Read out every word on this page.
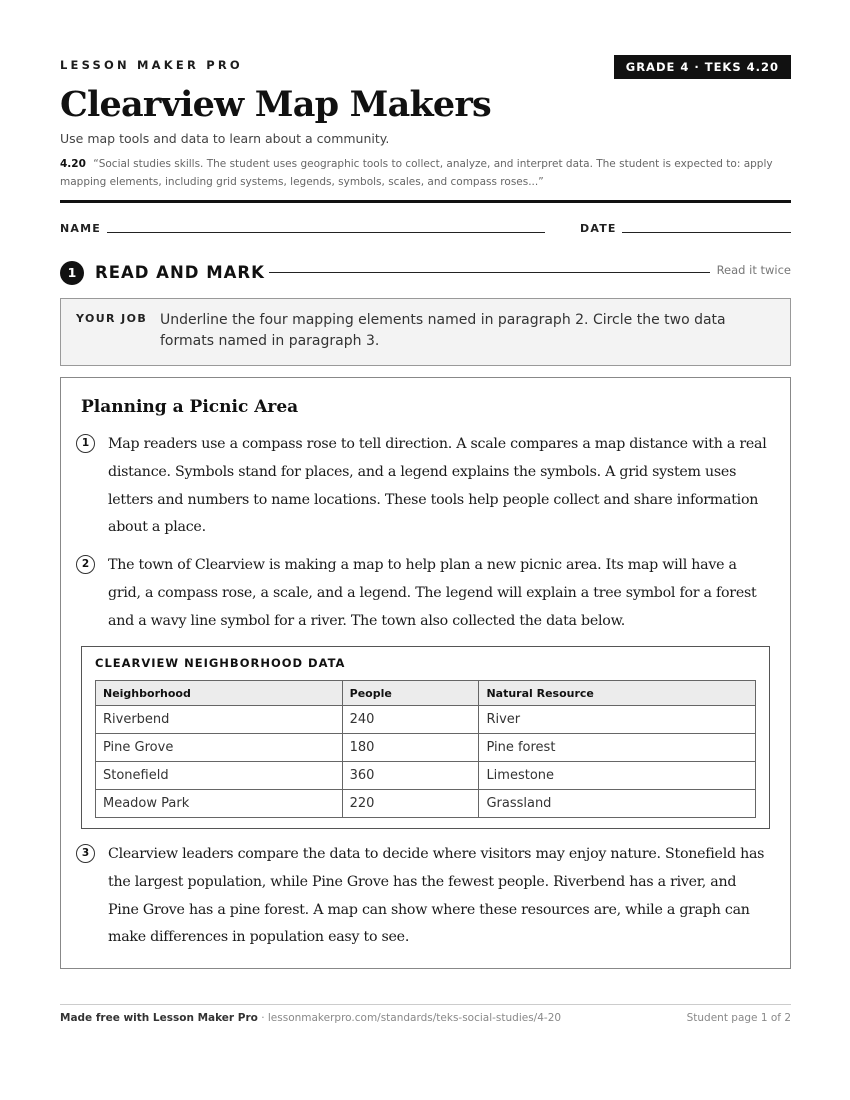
LESSON MAKER PRO	GRADE 4 · TEKS 4.20
Clearview Map Makers
Use map tools and data to learn about a community.
4.20 “Social studies skills. The student uses geographic tools to collect, analyze, and interpret data. The student is expected to: apply mapping elements, including grid systems, legends, symbols, scales, and compass roses...”
NAME	DATE
1	READ AND MARK	Read it twice
YOUR JOB Underline the four mapping elements named in paragraph 2. Circle the two data formats named in paragraph 3.
Planning a Picnic Area
1	Map readers use a compass rose to tell direction. A scale compares a map distance with a real distance. Symbols stand for places, and a legend explains the symbols. A grid system uses letters and numbers to name locations. These tools help people collect and share information about a place.
2	The town of Clearview is making a map to help plan a new picnic area. Its map will have a grid, a compass rose, a scale, and a legend. The legend will explain a tree symbol for a forest and a wavy line symbol for a river. The town also collected the data below.
CLEARVIEW NEIGHBORHOOD DATA
Neighborhood	People	Natural Resource
Riverbend	240	River
Pine Grove	180	Pine forest
Stonefield	360	Limestone
Meadow Park	220	Grassland
3	Clearview leaders compare the data to decide where visitors may enjoy nature. Stonefield has the largest population, while Pine Grove has the fewest people. Riverbend has a river, and Pine Grove has a pine forest. A map can show where these resources are, while a graph can make differences in population easy to see.
Made free with Lesson Maker Pro · lessonmakerpro.com/standards/teks-social-studies/4-20	Student page 1 of 2
